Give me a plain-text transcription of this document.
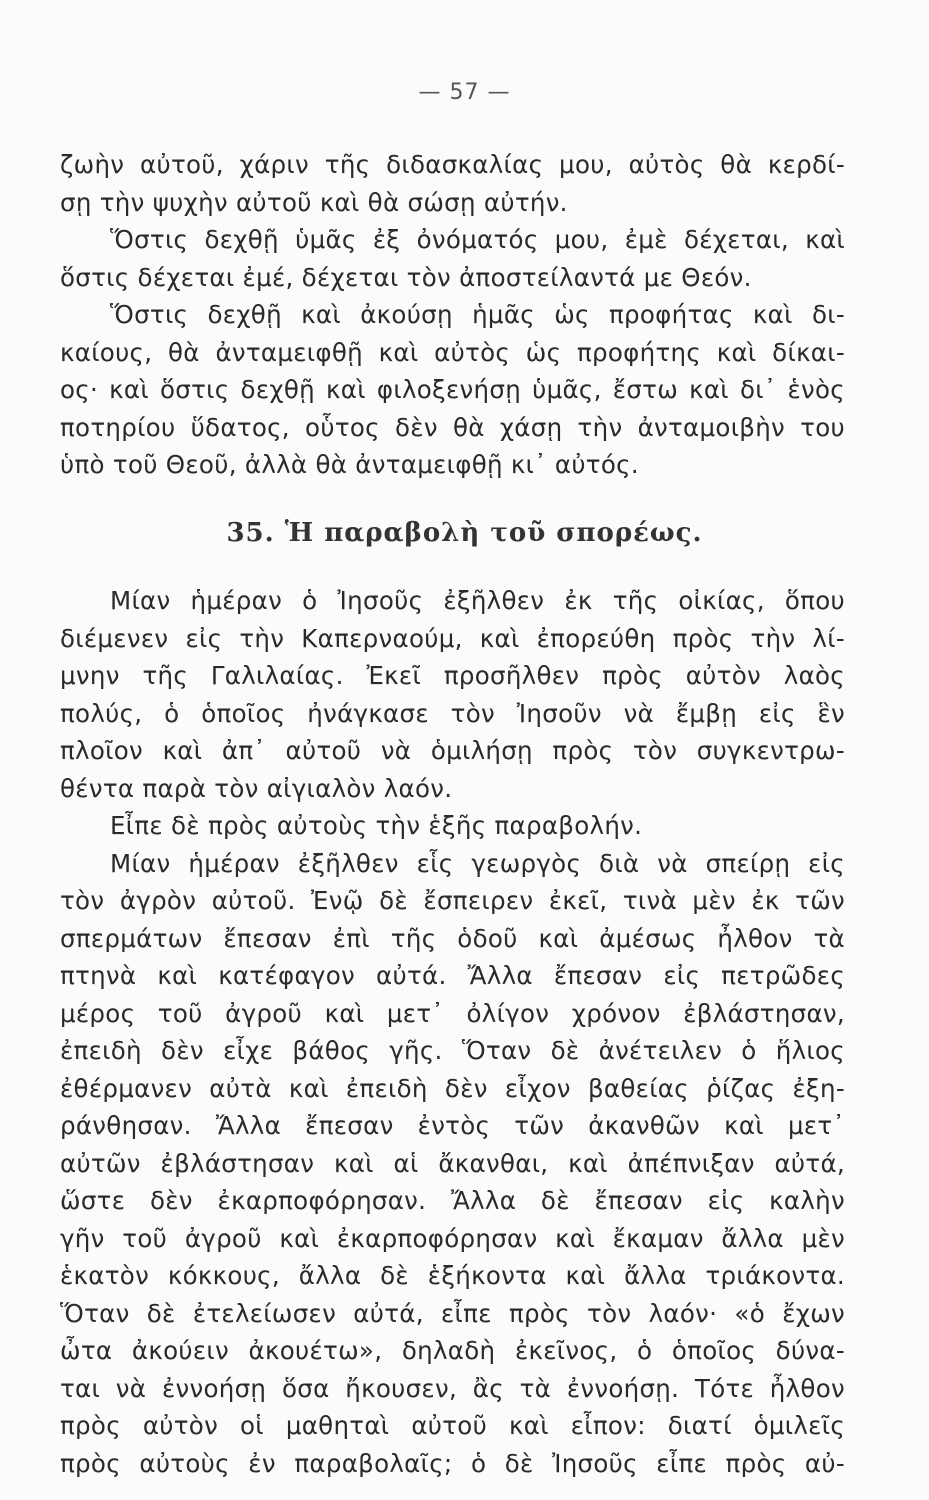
— 57 —
ζωὴν αὐτοῦ, χάριν τῆς διδασκαλίας μου, αὐτὸς θὰ κερδί-
σῃ τὴν ψυχὴν αὐτοῦ καὶ θὰ σώσῃ αὐτήν.
Ὅστις δεχθῇ ὑμᾶς ἐξ ὀνόματός μου, ἐμὲ δέχεται, καὶ
ὅστις δέχεται ἐμέ, δέχεται τὸν ἀποστείλαντά με Θεόν.
Ὅστις δεχθῇ καὶ ἀκούσῃ ἡμᾶς ὡς προφήτας καὶ δι-
καίους, θὰ ἀνταμειφθῇ καὶ αὐτὸς ὡς προφήτης καὶ δίκαι-
ος· καὶ ὅστις δεχθῇ καὶ φιλοξενήσῃ ὑμᾶς, ἔστω καὶ δι᾽ ἑνὸς
ποτηρίου ὕδατος, οὗτος δὲν θὰ χάσῃ τὴν ἀνταμοιβὴν του
ὑπὸ τοῦ Θεοῦ, ἀλλὰ θὰ ἀνταμειφθῇ κι᾽ αὐτός.
35. Ἡ παραβολὴ τοῦ σπορέως.
Μίαν ἡμέραν ὁ Ἰησοῦς ἐξῆλθεν ἐκ τῆς οἰκίας, ὅπου
διέμενεν εἰς τὴν Καπερναούμ, καὶ ἐπορεύθη πρὸς τὴν λί-
μνην τῆς Γαλιλαίας. Ἐκεῖ προσῆλθεν πρὸς αὐτὸν λαὸς
πολύς, ὁ ὁποῖος ἠνάγκασε τὸν Ἰησοῦν νὰ ἔμβῃ εἰς ἓν
πλοῖον καὶ ἀπ᾽ αὐτοῦ νὰ ὁμιλήσῃ πρὸς τὸν συγκεντρω-
θέντα παρὰ τὸν αἰγιαλὸν λαόν.
Εἶπε δὲ πρὸς αὐτοὺς τὴν ἑξῆς παραβολήν.
Μίαν ἡμέραν ἐξῆλθεν εἷς γεωργὸς διὰ νὰ σπείρῃ εἰς
τὸν ἀγρὸν αὐτοῦ. Ἐνῷ δὲ ἔσπειρεν ἐκεῖ, τινὰ μὲν ἐκ τῶν
σπερμάτων ἔπεσαν ἐπὶ τῆς ὁδοῦ καὶ ἀμέσως ἦλθον τὰ
πτηνὰ καὶ κατέφαγον αὐτά. Ἄλλα ἔπεσαν εἰς πετρῶδες
μέρος τοῦ ἀγροῦ καὶ μετ᾽ ὀλίγον χρόνον ἐβλάστησαν,
ἐπειδὴ δὲν εἶχε βάθος γῆς. Ὅταν δὲ ἀνέτειλεν ὁ ἥλιος
ἐθέρμανεν αὐτὰ καὶ ἐπειδὴ δὲν εἶχον βαθείας ῥίζας ἐξη-
ράνθησαν. Ἄλλα ἔπεσαν ἐντὸς τῶν ἀκανθῶν καὶ μετ᾽
αὐτῶν ἐβλάστησαν καὶ αἱ ἄκανθαι, καὶ ἀπέπνιξαν αὐτά,
ὥστε δὲν ἐκαρποφόρησαν. Ἄλλα δὲ ἔπεσαν εἰς καλὴν
γῆν τοῦ ἀγροῦ καὶ ἐκαρποφόρησαν καὶ ἔκαμαν ἄλλα μὲν
ἑκατὸν κόκκους, ἄλλα δὲ ἑξήκοντα καὶ ἄλλα τριάκοντα.
Ὅταν δὲ ἐτελείωσεν αὐτά, εἶπε πρὸς τὸν λαόν· «ὁ ἔχων
ὦτα ἀκούειν ἀκουέτω», δηλαδὴ ἐκεῖνος, ὁ ὁποῖος δύνα-
ται νὰ ἐννοήσῃ ὅσα ἤκουσεν, ἂς τὰ ἐννοήσῃ. Τότε ἦλθον
πρὸς αὐτὸν οἱ μαθηταὶ αὐτοῦ καὶ εἶπον: διατί ὁμιλεῖς
πρὸς αὐτοὺς ἐν παραβολαῖς; ὁ δὲ Ἰησοῦς εἶπε πρὸς αὐ-
